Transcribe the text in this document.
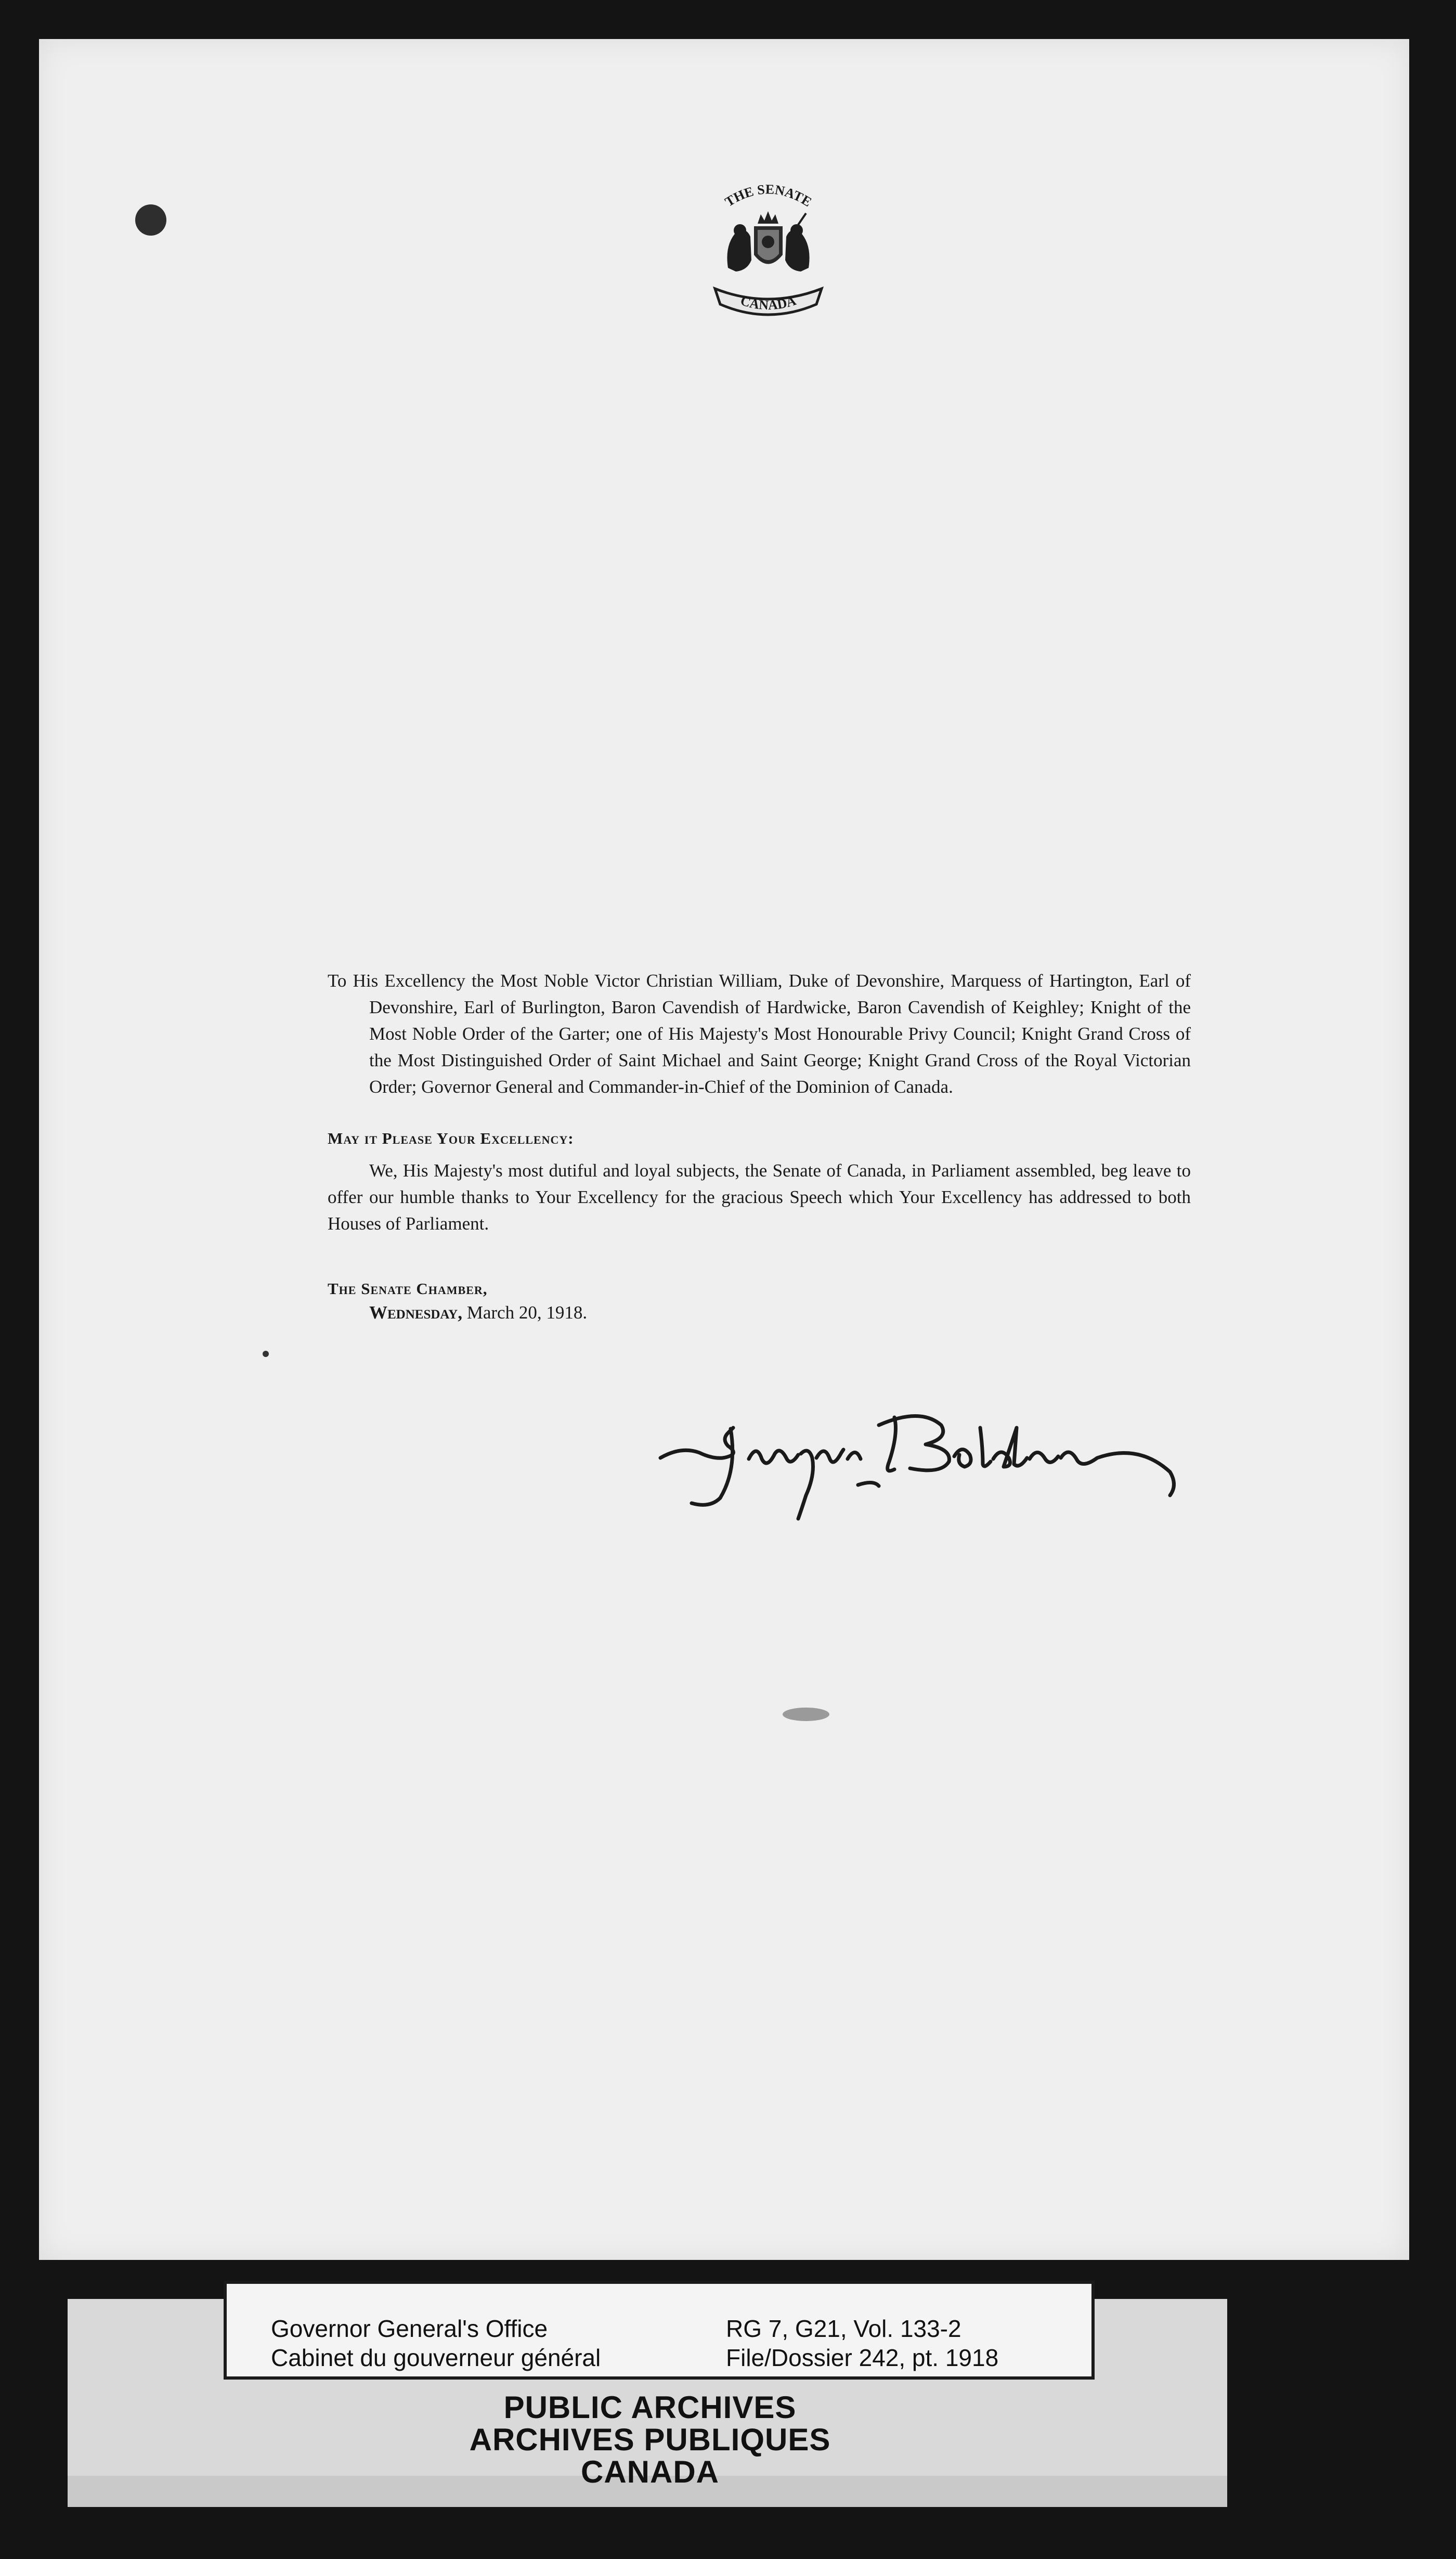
THE SENATE
CANADA

To His Excellency the Most Noble Victor Christian William, Duke of Devonshire, Marquess of Hartington, Earl of Devonshire, Earl of Burlington, Baron Cavendish of Hardwicke, Baron Cavendish of Keighley; Knight of the Most Noble Order of the Garter; one of His Majesty's Most Honourable Privy Council; Knight Grand Cross of the Most Distinguished Order of Saint Michael and Saint George; Knight Grand Cross of the Royal Victorian Order; Governor General and Commander-in-Chief of the Dominion of Canada.

May it Please Your Excellency:

We, His Majesty's most dutiful and loyal subjects, the Senate of Canada, in Parliament assembled, beg leave to offer our humble thanks to Your Excellency for the gracious Speech which Your Excellency has addressed to both Houses of Parliament.

The Senate Chamber,
Wednesday, March 20, 1918.
Joseph Bolduc
Governor General's Office
Cabinet du gouverneur général
RG 7, G21, Vol. 133-2
File/Dossier 242, pt. 1918
PUBLIC ARCHIVES
ARCHIVES PUBLIQUES
CANADA
